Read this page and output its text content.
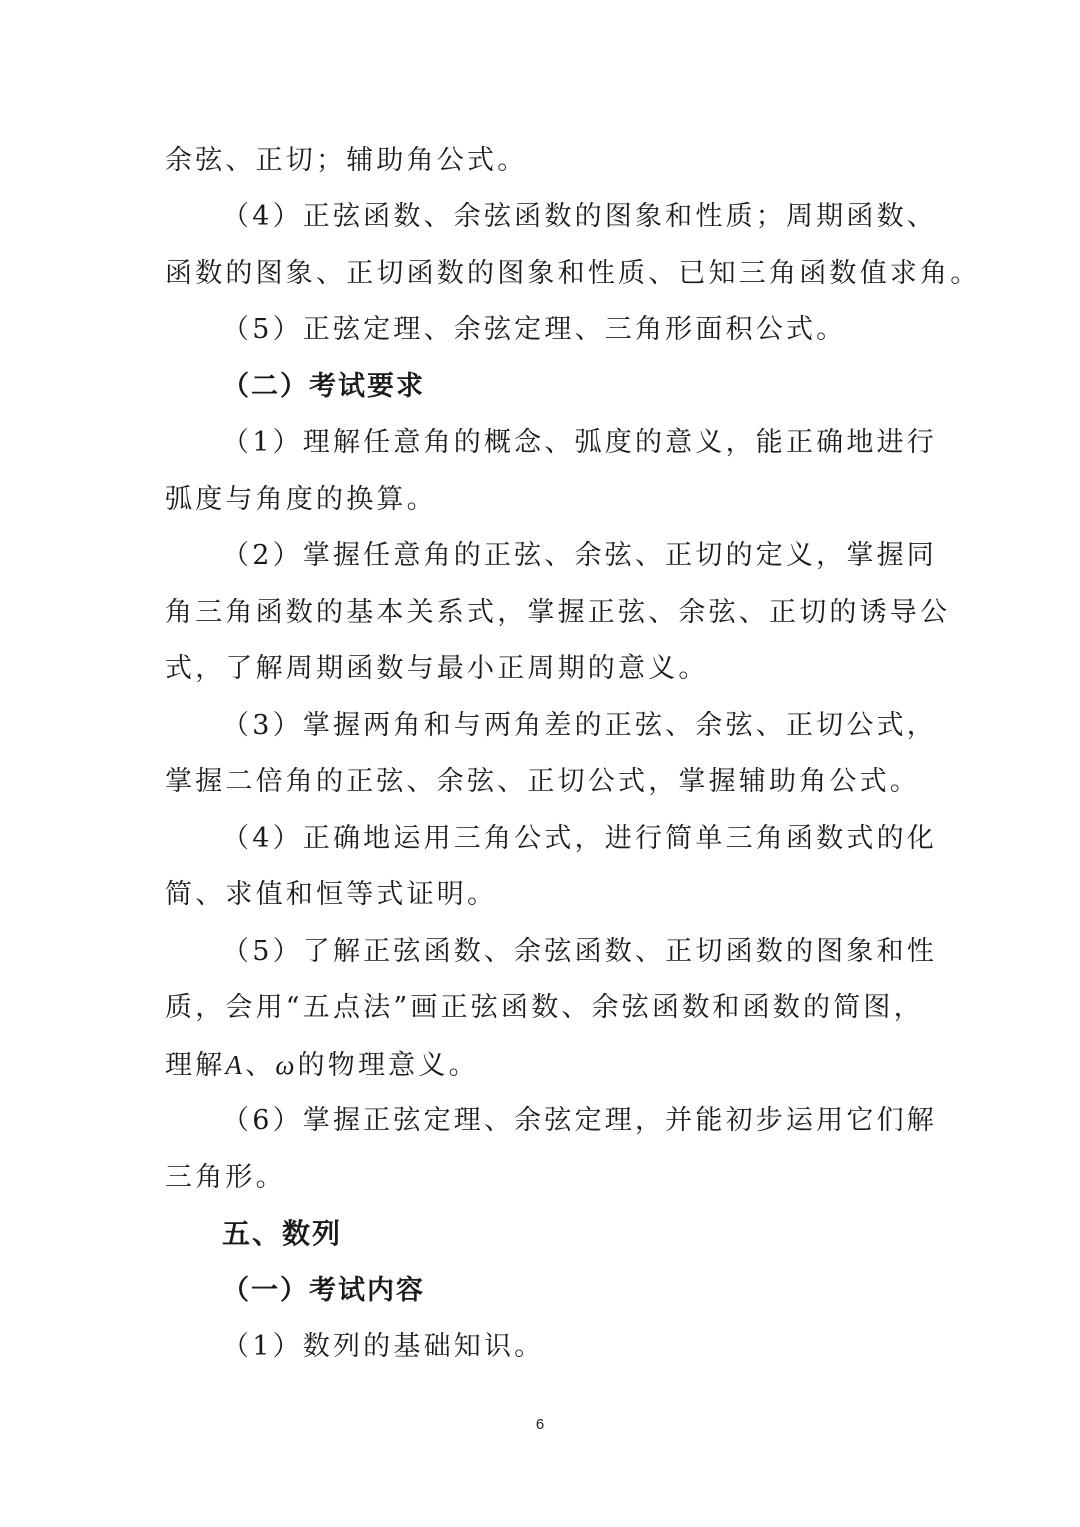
余弦、正切；辅助角公式。
（4）正弦函数、余弦函数的图象和性质；周期函数、
函数的图象、正切函数的图象和性质、已知三角函数值求角。
（5）正弦定理、余弦定理、三角形面积公式。
（二）考试要求
（1）理解任意角的概念、弧度的意义，能正确地进行
弧度与角度的换算。
（2）掌握任意角的正弦、余弦、正切的定义，掌握同
角三角函数的基本关系式，掌握正弦、余弦、正切的诱导公
式，了解周期函数与最小正周期的意义。
（3）掌握两角和与两角差的正弦、余弦、正切公式，
掌握二倍角的正弦、余弦、正切公式，掌握辅助角公式。
（4）正确地运用三角公式，进行简单三角函数式的化
简、求值和恒等式证明。
（5）了解正弦函数、余弦函数、正切函数的图象和性
质，会用“五点法”画正弦函数、余弦函数和函数的简图，
理解A、ω的物理意义。
（6）掌握正弦定理、余弦定理，并能初步运用它们解
三角形。
五、数列
（一）考试内容
（1）数列的基础知识。
6
